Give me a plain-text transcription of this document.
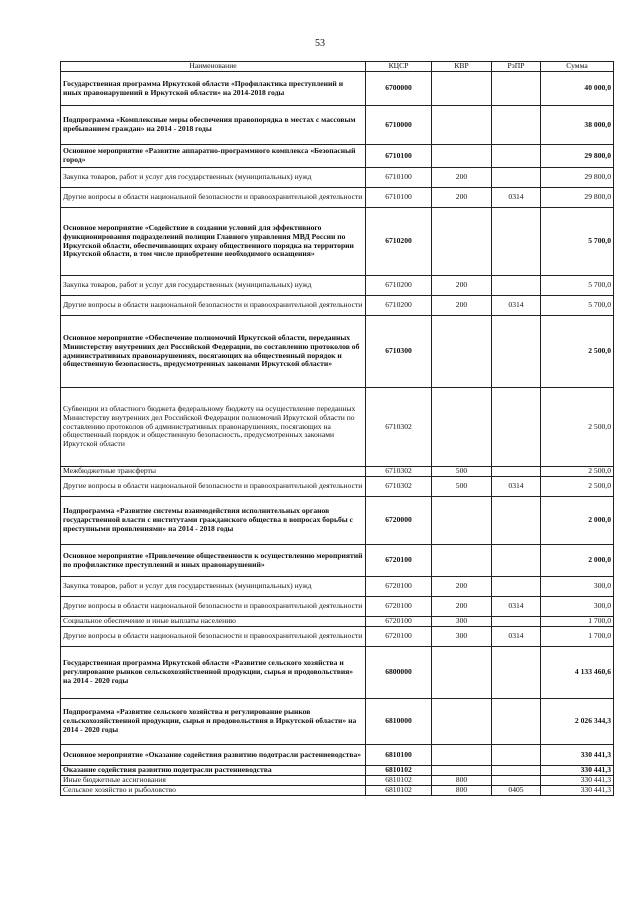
53
Наименование	КЦСР	КВР	РзПР	Сумма
Государственная программа Иркутской области «Профилактика преступлений и иных правонарушений в Иркутской области» на 2014-2018 годы	6700000			40 000,0
Подпрограмма «Комплексные меры обеспечения правопорядка в местах с массовым пребыванием граждан» на 2014 - 2018 годы	6710000			38 000,0
Основное мероприятие «Развитие аппаратно-программного комплекса «Безопасный город»	6710100			29 800,0
Закупка товаров, работ и услуг для государственных (муниципальных) нужд	6710100	200		29 800,0
Другие вопросы в области национальной безопасности и правоохранительной деятельности	6710100	200	0314	29 800,0
Основное мероприятие «Содействие в создании условий для эффективного функционирования подразделений полиции Главного управления МВД России по Иркутской области, обеспечивающих охрану общественного порядка на территории Иркутской области, в том числе приобретение необходимого оснащения»	6710200			5 700,0
Закупка товаров, работ и услуг для государственных (муниципальных) нужд	6710200	200		5 700,0
Другие вопросы в области национальной безопасности и правоохранительной деятельности	6710200	200	0314	5 700,0
Основное мероприятие «Обеспечение полномочий Иркутской области, переданных Министерству внутренних дел Российской Федерации, по составлению протоколов об административных правонарушениях, посягающих на общественный порядок и общественную безопасность, предусмотренных законами Иркутской области»	6710300			2 500,0
Субвенции из областного бюджета федеральному бюджету на осуществление переданных Министерству внутренних дел Российской Федерации полномочий Иркутской области по составлению протоколов об административных правонарушениях, посягающих на общественный порядок и общественную безопасность, предусмотренных законами Иркутской области	6710302			2 500,0
Межбюджетные трансферты	6710302	500		2 500,0
Другие вопросы в области национальной безопасности и правоохранительной деятельности	6710302	500	0314	2 500,0
Подпрограмма «Развитие системы взаимодействия исполнительных органов государственной власти с институтами гражданского общества в вопросах борьбы с преступными проявлениями» на 2014 - 2018 годы	6720000			2 000,0
Основное мероприятие «Привлечение общественности к осуществлению мероприятий по профилактике преступлений и иных правонарушений»	6720100			2 000,0
Закупка товаров, работ и услуг для государственных (муниципальных) нужд	6720100	200		300,0
Другие вопросы в области национальной безопасности и правоохранительной деятельности	6720100	200	0314	300,0
Социальное обеспечение и иные выплаты населению	6720100	300		1 700,0
Другие вопросы в области национальной безопасности и правоохранительной деятельности	6720100	300	0314	1 700,0
Государственная программа Иркутской области «Развитие сельского хозяйства и регулирование рынков сельскохозяйственной продукции, сырья и продовольствия» на 2014 - 2020 годы	6800000			4 133 460,6
Подпрограмма «Развитие сельского хозяйства и регулирование рынков сельскохозяйственной продукции, сырья и продовольствия в Иркутской области» на 2014 - 2020 годы	6810000			2 026 344,3
Основное мероприятие «Оказание содействия развитию подотрасли растениеводства»	6810100			330 441,3
Оказание содействия развитию подотрасли растениеводства	6810102			330 441,3
Иные бюджетные ассигнования	6810102	800		330 441,3
Сельское хозяйство и рыболовство	6810102	800	0405	330 441,3
